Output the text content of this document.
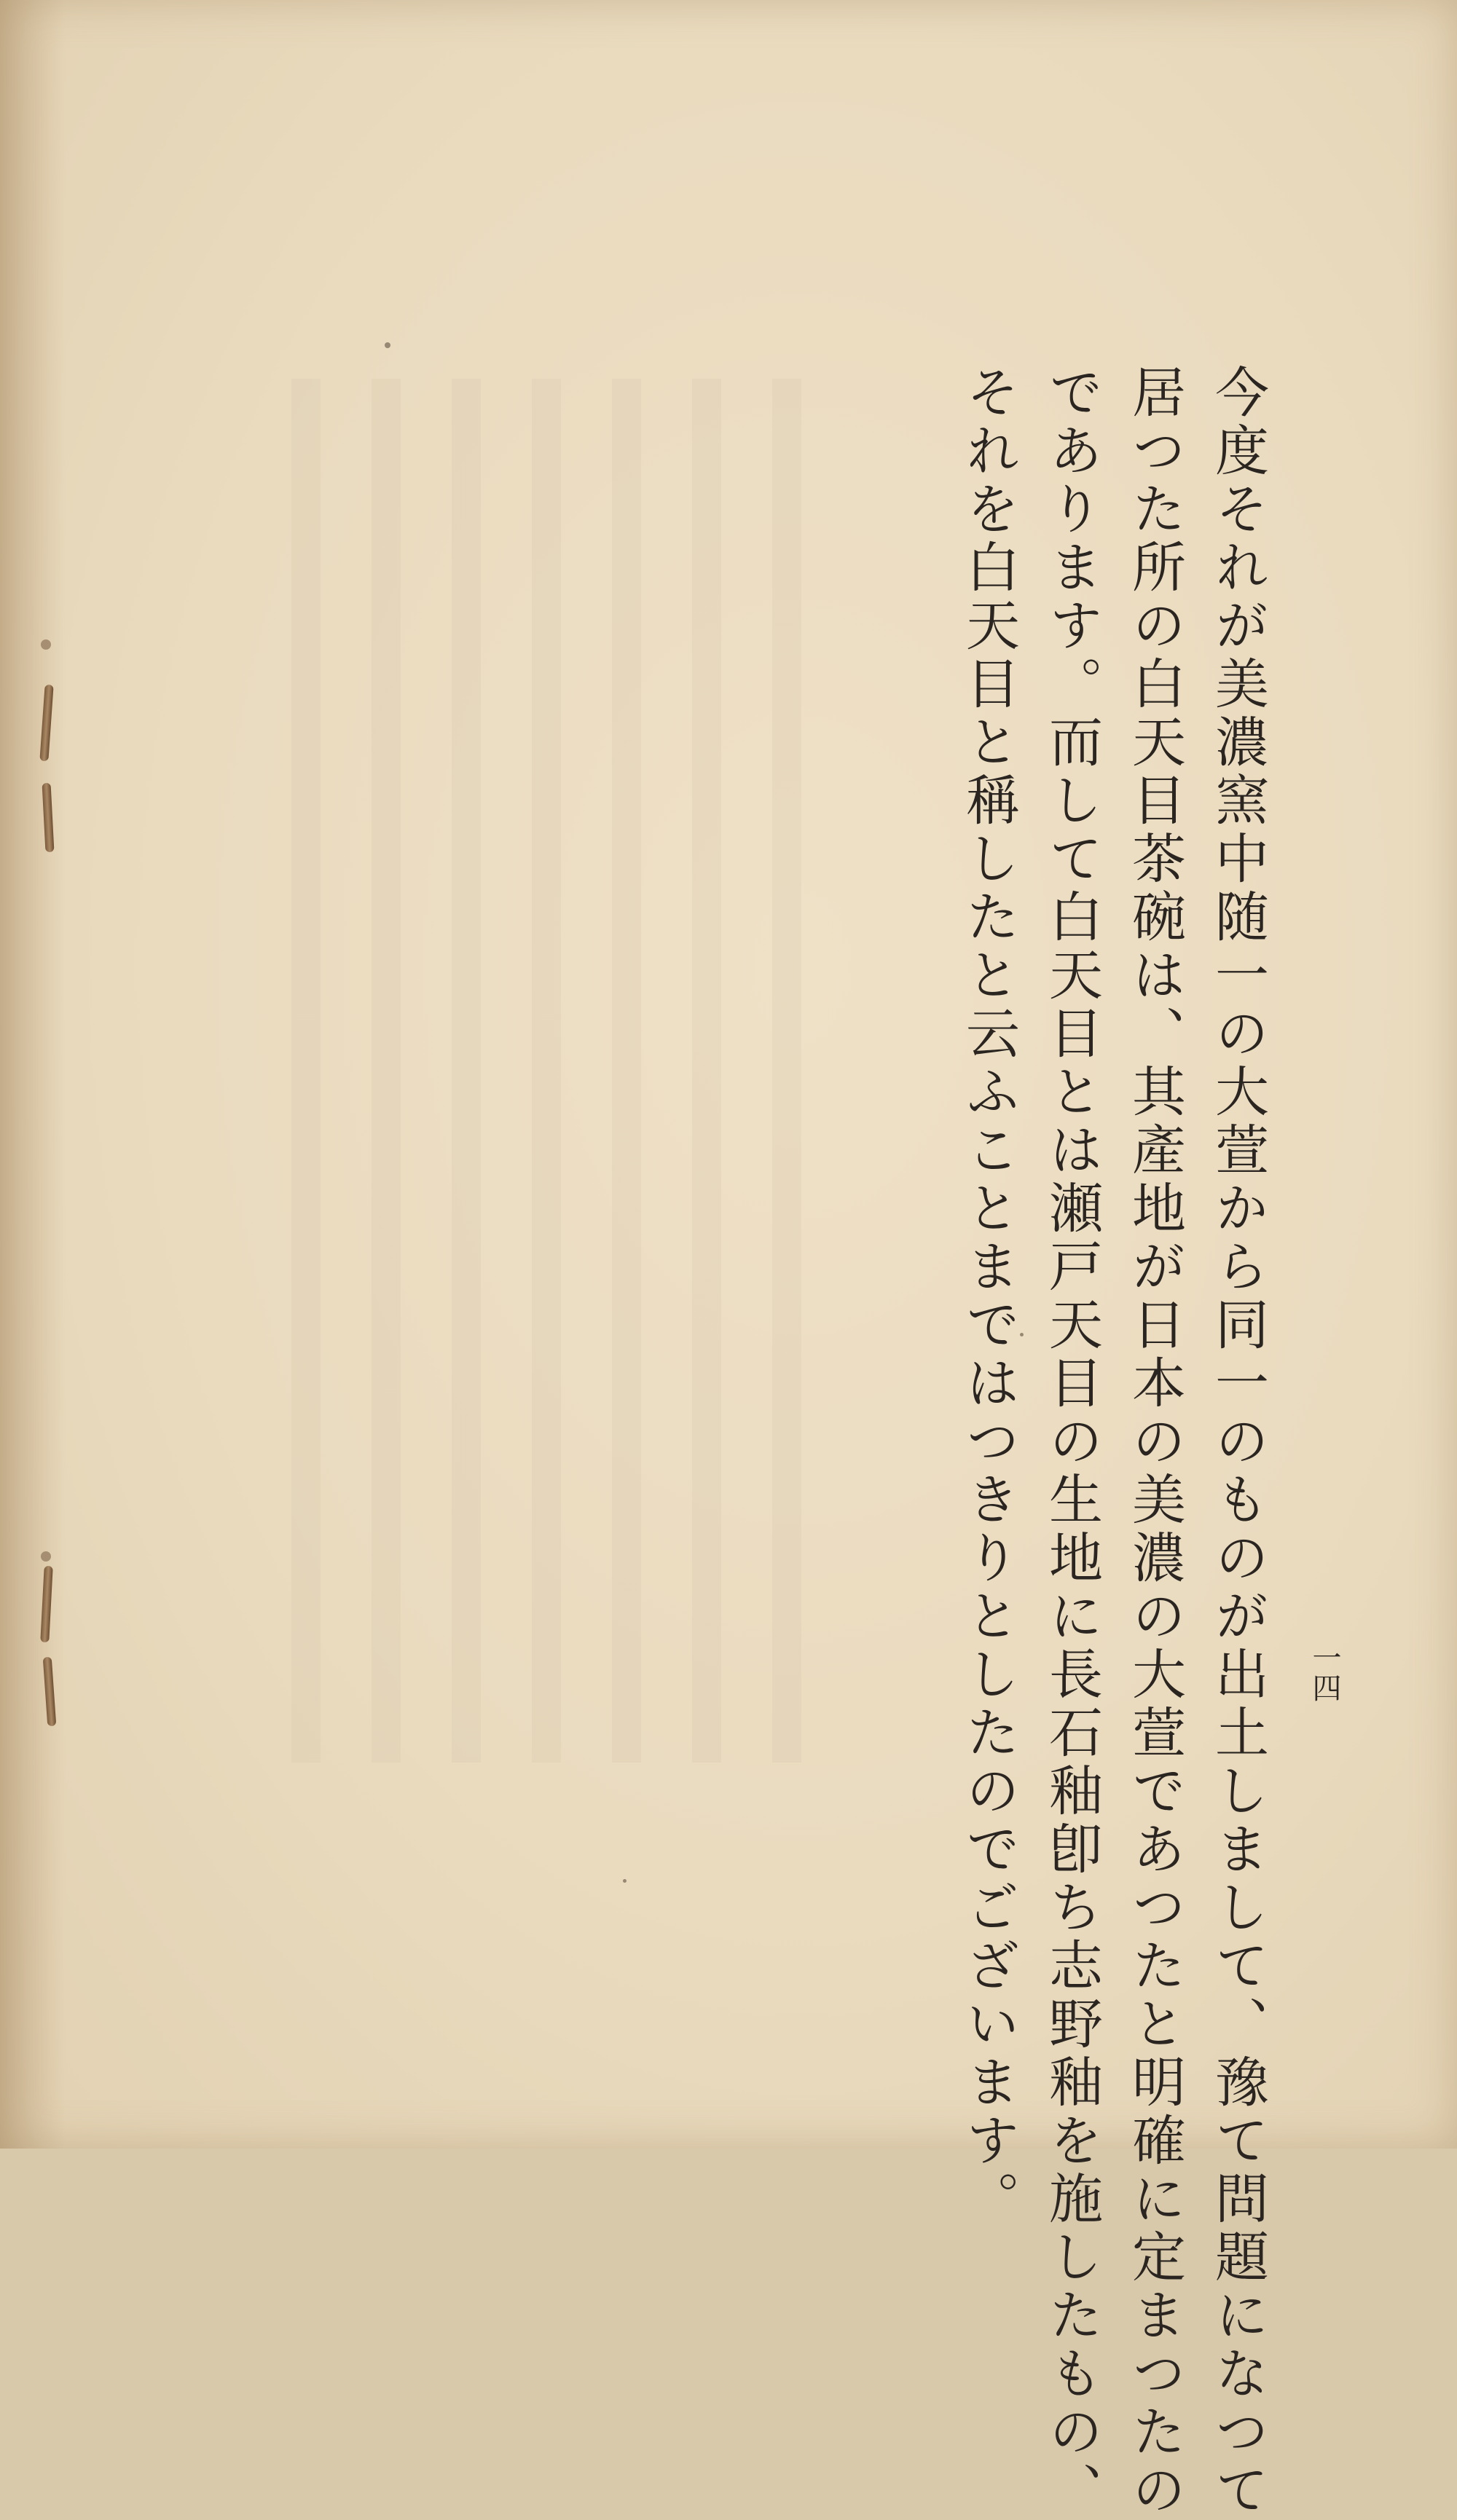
今度それが美濃窯中随一の大萱から同一のものが出土しまして、豫て問題になつて
居つた所の白天目茶碗は、其產地が日本の美濃の大萱であつたと明確に定まつたの
であります。而して白天目とは瀬戸天目の生地に長石釉卽ち志野釉を施したもの、
それを白天目と稱したと云ふことまではつきりとしたのでございます。	一四
